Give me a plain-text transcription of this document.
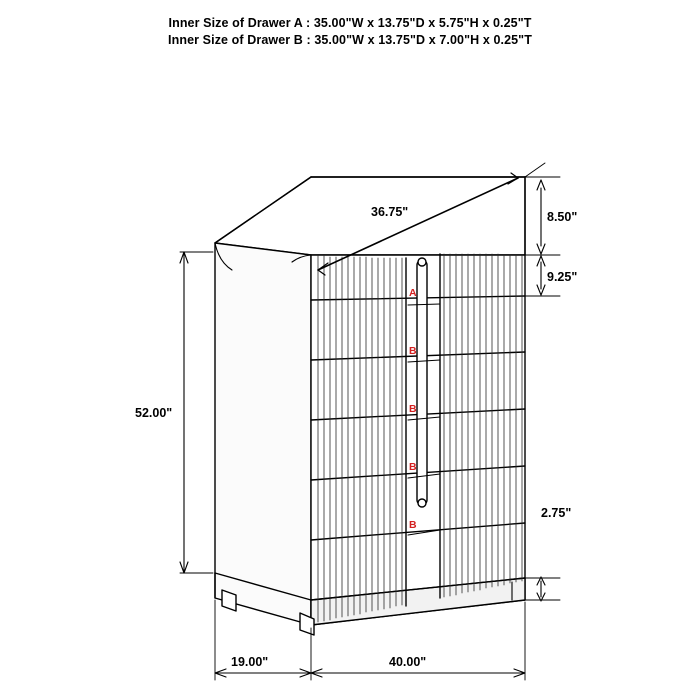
Inner Size of Drawer A : 35.00"W x 13.75"D x 5.75"H x 0.25"T
Inner Size of Drawer B : 35.00"W x 13.75"D x 7.00"H x 0.25"T
36.75"	8.50"
9.25"
2.75"
52.00"
19.00"	40.00"
A
B
B
B
B
